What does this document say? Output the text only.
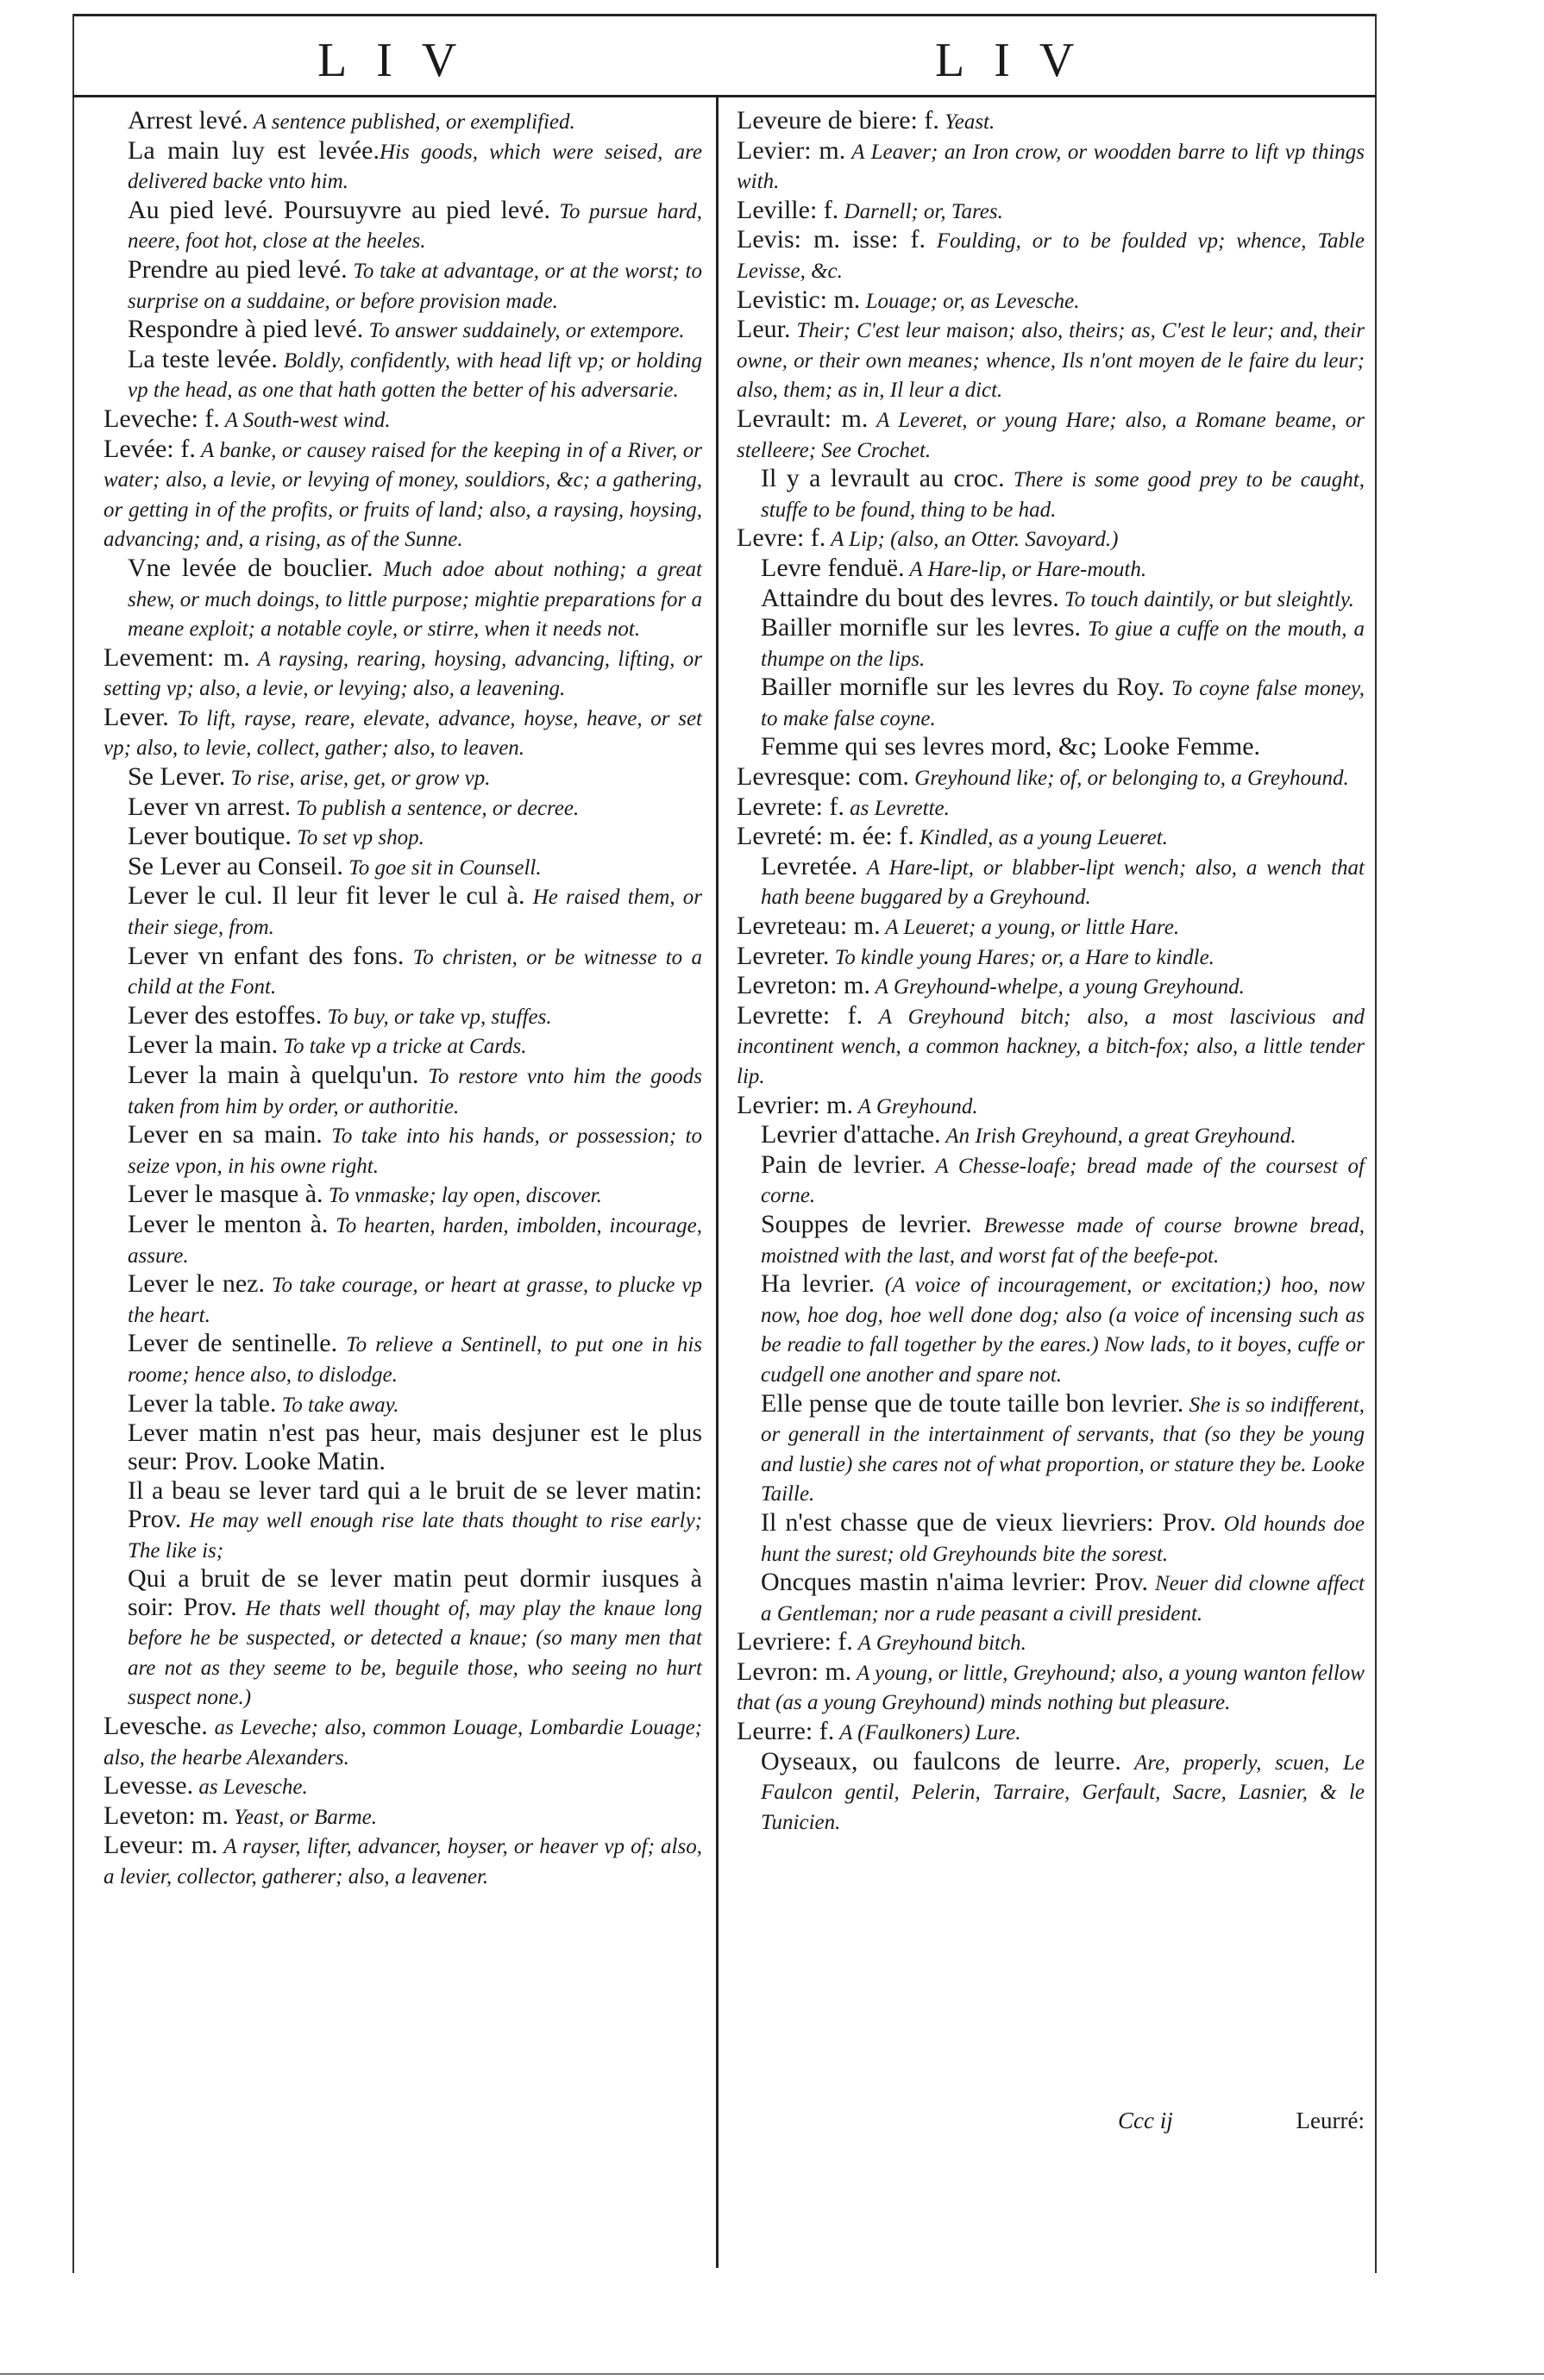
LIV	LIV

Arrest levé. A sentence published, or exemplified.

La main luy est levée.His goods, which were seised, are delivered backe vnto him.

Au pied levé. Poursuyvre au pied levé. To pursue hard, neere, foot hot, close at the heeles.

Prendre au pied levé. To take at advantage, or at the worst; to surprise on a suddaine, or before provision made.

Respondre à pied levé. To answer suddainely, or extempore.

La teste levée. Boldly, confidently, with head lift vp; or holding vp the head, as one that hath gotten the better of his adversarie.

Leveche: f. A South-west wind.

Levée: f. A banke, or causey raised for the keeping in of a River, or water; also, a levie, or levying of money, souldiors, &c; a gathering, or getting in of the profits, or fruits of land; also, a raysing, hoysing, advancing; and, a rising, as of the Sunne.

Vne levée de bouclier. Much adoe about nothing; a great shew, or much doings, to little purpose; mightie preparations for a meane exploit; a notable coyle, or stirre, when it needs not.

Levement: m. A raysing, rearing, hoysing, advancing, lifting, or setting vp; also, a levie, or levying; also, a leavening.

Lever. To lift, rayse, reare, elevate, advance, hoyse, heave, or set vp; also, to levie, collect, gather; also, to leaven.

Se Lever. To rise, arise, get, or grow vp.

Lever vn arrest. To publish a sentence, or decree.

Lever boutique. To set vp shop.

Se Lever au Conseil. To goe sit in Counsell.

Lever le cul. Il leur fit lever le cul à. He raised them, or their siege, from.

Lever vn enfant des fons. To christen, or be witnesse to a child at the Font.

Lever des estoffes. To buy, or take vp, stuffes.

Lever la main. To take vp a tricke at Cards.

Lever la main à quelqu'un. To restore vnto him the goods taken from him by order, or authoritie.

Lever en sa main. To take into his hands, or possession; to seize vpon, in his owne right.

Lever le masque à. To vnmaske; lay open, discover.

Lever le menton à. To hearten, harden, imbolden, incourage, assure.

Lever le nez. To take courage, or heart at grasse, to plucke vp the heart.

Lever de sentinelle. To relieve a Sentinell, to put one in his roome; hence also, to dislodge.

Lever la table. To take away.

Lever matin n'est pas heur, mais desjuner est le plus seur: Prov. Looke Matin.

Il a beau se lever tard qui a le bruit de se lever matin: Prov. He may well enough rise late thats thought to rise early; The like is;

Qui a bruit de se lever matin peut dormir iusques à soir: Prov. He thats well thought of, may play the knaue long before he be suspected, or detected a knaue; (so many men that are not as they seeme to be, beguile those, who seeing no hurt suspect none.)

Levesche. as Leveche; also, common Louage, Lombardie Louage; also, the hearbe Alexanders.

Levesse. as Levesche.

Leveton: m. Yeast, or Barme.

Leveur: m. A rayser, lifter, advancer, hoyser, or heaver vp of; also, a levier, collector, gatherer; also, a leavener.

Leveure de biere: f. Yeast.

Levier: m. A Leaver; an Iron crow, or woodden barre to lift vp things with.

Leville: f. Darnell; or, Tares.

Levis: m. isse: f. Foulding, or to be foulded vp; whence, Table Levisse, &c.

Levistic: m. Louage; or, as Levesche.

Leur. Their; C'est leur maison; also, theirs; as, C'est le leur; and, their owne, or their own meanes; whence, Ils n'ont moyen de le faire du leur; also, them; as in, Il leur a dict.

Levrault: m. A Leveret, or young Hare; also, a Romane beame, or stelleere; See Crochet.

Il y a levrault au croc. There is some good prey to be caught, stuffe to be found, thing to be had.

Levre: f. A Lip; (also, an Otter. Savoyard.)

Levre fenduë. A Hare-lip, or Hare-mouth.

Attaindre du bout des levres. To touch daintily, or but sleightly.

Bailler mornifle sur les levres. To giue a cuffe on the mouth, a thumpe on the lips.

Bailler mornifle sur les levres du Roy. To coyne false money, to make false coyne.

Femme qui ses levres mord, &c; Looke Femme.

Levresque: com. Greyhound like; of, or belonging to, a Greyhound.

Levrete: f. as Levrette.

Levreté: m. ée: f. Kindled, as a young Leueret.

Levretée. A Hare-lipt, or blabber-lipt wench; also, a wench that hath beene buggared by a Greyhound.

Levreteau: m. A Leueret; a young, or little Hare.

Levreter. To kindle young Hares; or, a Hare to kindle.

Levreton: m. A Greyhound-whelpe, a young Greyhound.

Levrette: f. A Greyhound bitch; also, a most lascivious and incontinent wench, a common hackney, a bitch-fox; also, a little tender lip.

Levrier: m. A Greyhound.

Levrier d'attache. An Irish Greyhound, a great Greyhound.

Pain de levrier. A Chesse-loafe; bread made of the coursest of corne.

Souppes de levrier. Brewesse made of course browne bread, moistned with the last, and worst fat of the beefe-pot.

Ha levrier. (A voice of incouragement, or excitation;) hoo, now now, hoe dog, hoe well done dog; also (a voice of incensing such as be readie to fall together by the eares.) Now lads, to it boyes, cuffe or cudgell one another and spare not.

Elle pense que de toute taille bon levrier. She is so indifferent, or generall in the intertainment of servants, that (so they be young and lustie) she cares not of what proportion, or stature they be. Looke Taille.

Il n'est chasse que de vieux lievriers: Prov. Old hounds doe hunt the surest; old Greyhounds bite the sorest.

Oncques mastin n'aima levrier: Prov. Neuer did clowne affect a Gentleman; nor a rude peasant a civill president.

Levriere: f. A Greyhound bitch.

Levron: m. A young, or little, Greyhound; also, a young wanton fellow that (as a young Greyhound) minds nothing but pleasure.

Leurre: f. A (Faulkoners) Lure.

Oyseaux, ou faulcons de leurre. Are, properly, scuen, Le Faulcon gentil, Pelerin, Tarraire, Gerfault, Sacre, Lasnier, & le Tunicien.

Ccc ij	Leurré:
